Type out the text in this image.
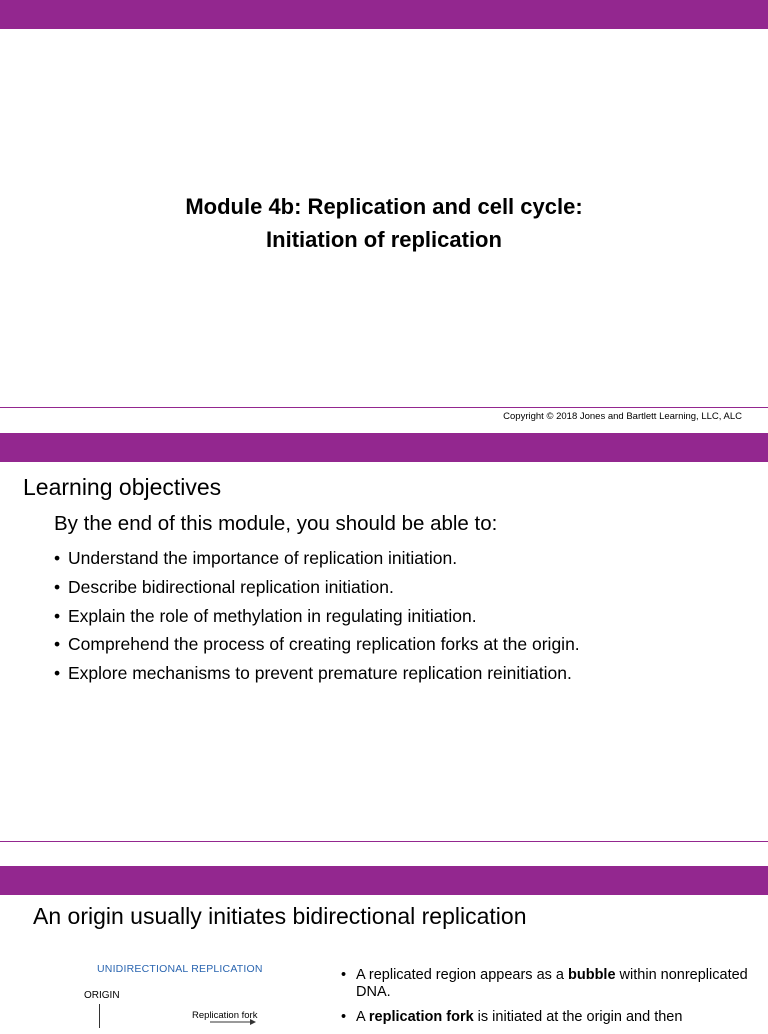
Module 4b: Replication and cell cycle:
Initiation of replication
Copyright © 2018 Jones and Bartlett Learning, LLC, ALC
Learning objectives
By the end of this module, you should be able to:
• Understand the importance of replication initiation.
• Describe bidirectional replication initiation.
• Explain the role of methylation in regulating initiation.
• Comprehend the process of creating replication forks at the origin.
• Explore mechanisms to prevent premature replication reinitiation.
An origin usually initiates bidirectional replication
UNIDIRECTIONAL REPLICATION
ORIGIN
Replication fork
• A replicated region appears as a bubble within nonreplicated DNA.
• A replication fork is initiated at the origin and then
